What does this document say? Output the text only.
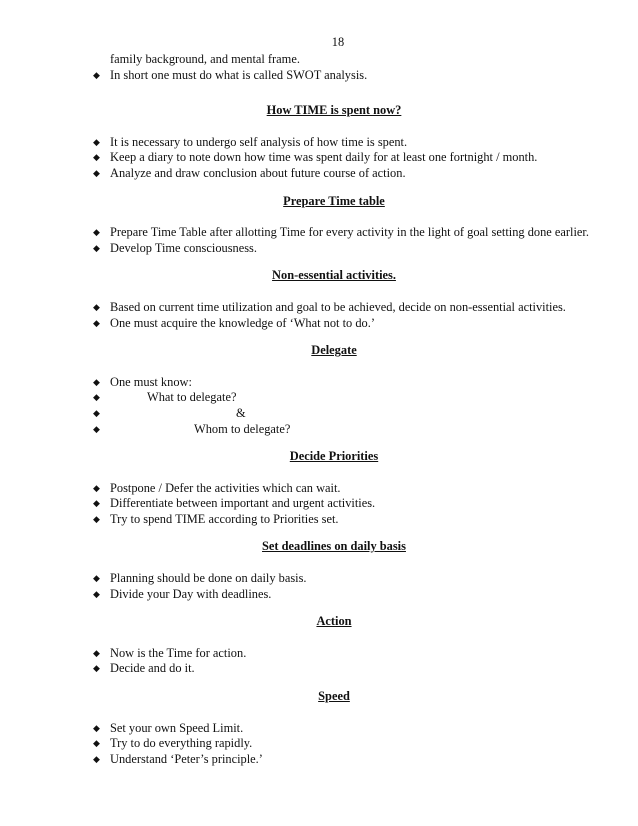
18
family background, and mental frame.
◆ In short one must do what is called SWOT analysis.
How TIME is spent now?
◆ It is necessary to undergo self analysis of how time is spent.
◆ Keep a diary to note down how time was spent daily for at least one fortnight / month.
◆ Analyze and draw conclusion about future course of action.
Prepare Time table
◆ Prepare Time Table after allotting Time for every activity in the light of goal setting done earlier.
◆ Develop Time consciousness.
Non-essential activities.
◆ Based on current time utilization and goal to be achieved, decide on non-essential activities.
◆ One must acquire the knowledge of ‘What not to do.’
Delegate
◆ One must know:
◆	What to delegate?
◆	&
◆	Whom to delegate?
Decide Priorities
◆ Postpone / Defer the activities which can wait.
◆ Differentiate between important and urgent activities.
◆ Try to spend TIME according to Priorities set.
Set deadlines on daily basis
◆ Planning should be done on daily basis.
◆ Divide your Day with deadlines.
Action
◆ Now is the Time for action.
◆ Decide and do it.
Speed
◆ Set your own Speed Limit.
◆ Try to do everything rapidly.
◆ Understand ‘Peter’s principle.’
